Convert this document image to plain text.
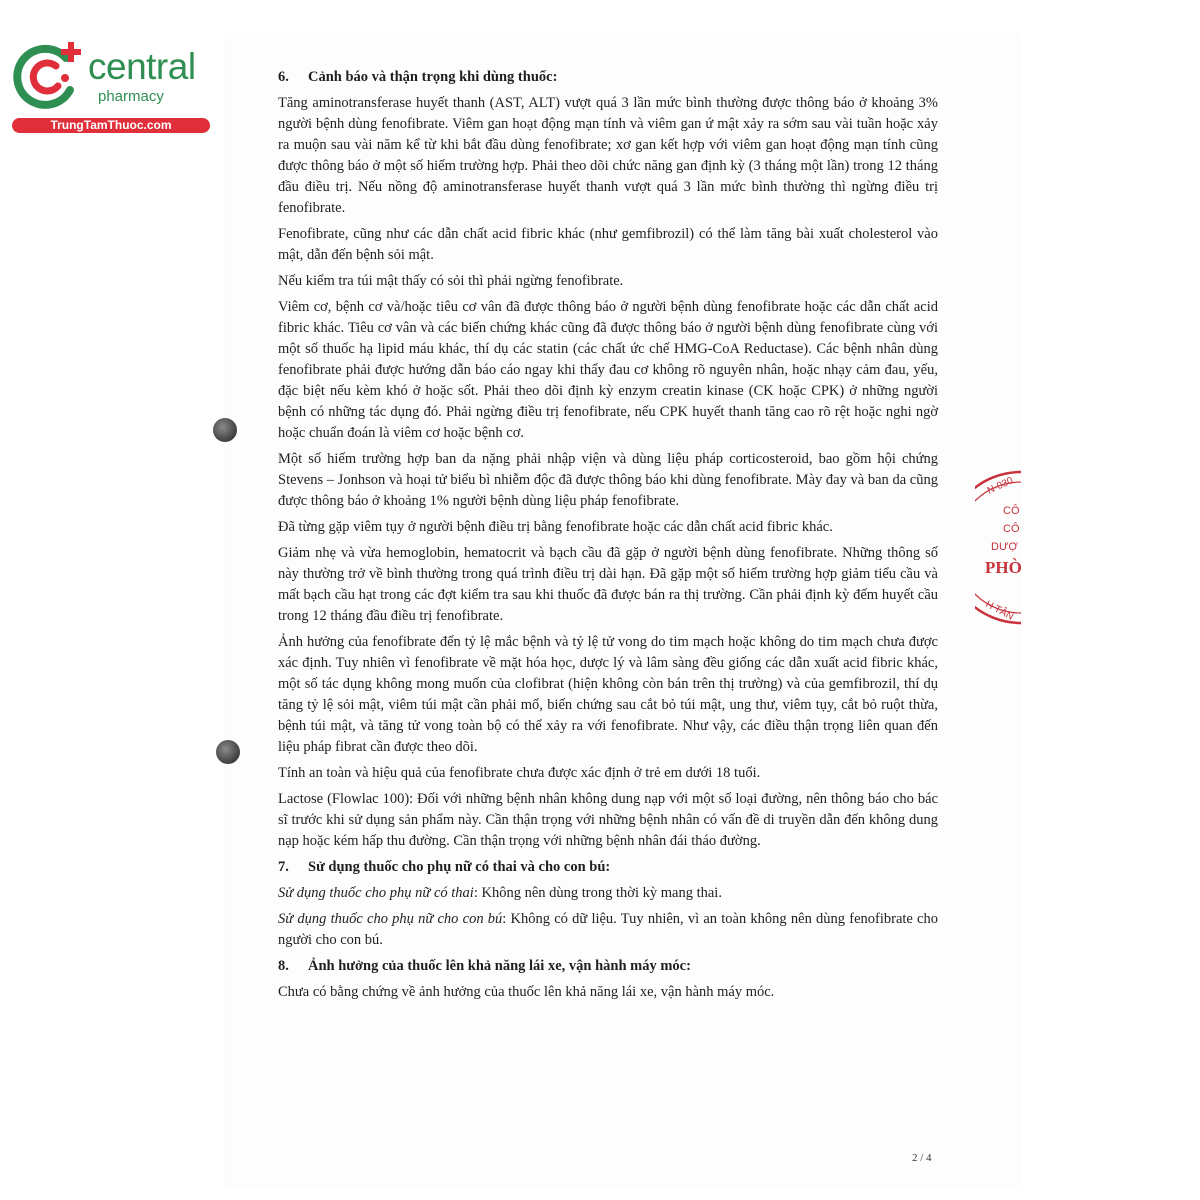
central
pharmacy
TrungTamThuoc.com
N·030
CÔ
CÔ
DƯỢ
PHÒ
H TÂN
6. Cảnh báo và thận trọng khi dùng thuốc:

Tăng aminotransferase huyết thanh (AST, ALT) vượt quá 3 lần mức bình thường được thông báo ở khoảng 3% người bệnh dùng fenofibrate. Viêm gan hoạt động mạn tính và viêm gan ứ mật xảy ra sớm sau vài tuần hoặc xảy ra muộn sau vài năm kể từ khi bắt đầu dùng fenofibrate; xơ gan kết hợp với viêm gan hoạt động mạn tính cũng được thông báo ở một số hiếm trường hợp. Phải theo dõi chức năng gan định kỳ (3 tháng một lần) trong 12 tháng đầu điều trị. Nếu nồng độ aminotransferase huyết thanh vượt quá 3 lần mức bình thường thì ngừng điều trị fenofibrate.

Fenofibrate, cũng như các dẫn chất acid fibric khác (như gemfibrozil) có thể làm tăng bài xuất cholesterol vào mật, dẫn đến bệnh sỏi mật.

Nếu kiểm tra túi mật thấy có sỏi thì phải ngừng fenofibrate.

Viêm cơ, bệnh cơ và/hoặc tiêu cơ vân đã được thông báo ở người bệnh dùng fenofibrate hoặc các dẫn chất acid fibric khác. Tiêu cơ vân và các biến chứng khác cũng đã được thông báo ở người bệnh dùng fenofibrate cùng với một số thuốc hạ lipid máu khác, thí dụ các statin (các chất ức chế HMG-CoA Reductase). Các bệnh nhân dùng fenofibrate phải được hướng dẫn báo cáo ngay khi thấy đau cơ không rõ nguyên nhân, hoặc nhạy cảm đau, yếu, đặc biệt nếu kèm khó ở hoặc sốt. Phải theo dõi định kỳ enzym creatin kinase (CK hoặc CPK) ở những người bệnh có những tác dụng đó. Phải ngừng điều trị fenofibrate, nếu CPK huyết thanh tăng cao rõ rệt hoặc nghi ngờ hoặc chuẩn đoán là viêm cơ hoặc bệnh cơ.

Một số hiếm trường hợp ban da nặng phải nhập viện và dùng liệu pháp corticosteroid, bao gồm hội chứng Stevens – Jonhson và hoại tử biểu bì nhiễm độc đã được thông báo khi dùng fenofibrate. Mày đay và ban da cũng được thông báo ở khoảng 1% người bệnh dùng liệu pháp fenofibrate.

Đã từng gặp viêm tụy ở người bệnh điều trị bằng fenofibrate hoặc các dẫn chất acid fibric khác.

Giảm nhẹ và vừa hemoglobin, hematocrit và bạch cầu đã gặp ở người bệnh dùng fenofibrate. Những thông số này thường trở về bình thường trong quá trình điều trị dài hạn. Đã gặp một số hiếm trường hợp giảm tiểu cầu và mất bạch cầu hạt trong các đợt kiểm tra sau khi thuốc đã được bán ra thị trường. Cần phải định kỳ đếm huyết cầu trong 12 tháng đầu điều trị fenofibrate.

Ảnh hưởng của fenofibrate đến tỷ lệ mắc bệnh và tỷ lệ tử vong do tim mạch hoặc không do tim mạch chưa được xác định. Tuy nhiên vì fenofibrate về mặt hóa học, dược lý và lâm sàng đều giống các dẫn xuất acid fibric khác, một số tác dụng không mong muốn của clofibrat (hiện không còn bán trên thị trường) và của gemfibrozil, thí dụ tăng tỷ lệ sỏi mật, viêm túi mật cần phải mổ, biến chứng sau cắt bỏ túi mật, ung thư, viêm tụy, cắt bỏ ruột thừa, bệnh túi mật, và tăng tử vong toàn bộ có thể xảy ra với fenofibrate. Như vậy, các điều thận trọng liên quan đến liệu pháp fibrat cần được theo dõi.

Tính an toàn và hiệu quả của fenofibrate chưa được xác định ở trẻ em dưới 18 tuổi.

Lactose (Flowlac 100): Đối với những bệnh nhân không dung nạp với một số loại đường, nên thông báo cho bác sĩ trước khi sử dụng sản phẩm này. Cần thận trọng với những bệnh nhân có vấn đề di truyền dẫn đến không dung nạp hoặc kém hấp thu đường. Cần thận trọng với những bệnh nhân đái tháo đường.

7. Sử dụng thuốc cho phụ nữ có thai và cho con bú:

Sử dụng thuốc cho phụ nữ có thai: Không nên dùng trong thời kỳ mang thai.

Sử dụng thuốc cho phụ nữ cho con bú: Không có dữ liệu. Tuy nhiên, vì an toàn không nên dùng fenofibrate cho người cho con bú.

8. Ảnh hưởng của thuốc lên khả năng lái xe, vận hành máy móc:

Chưa có bằng chứng về ảnh hưởng của thuốc lên khả năng lái xe, vận hành máy móc.

2 / 4
